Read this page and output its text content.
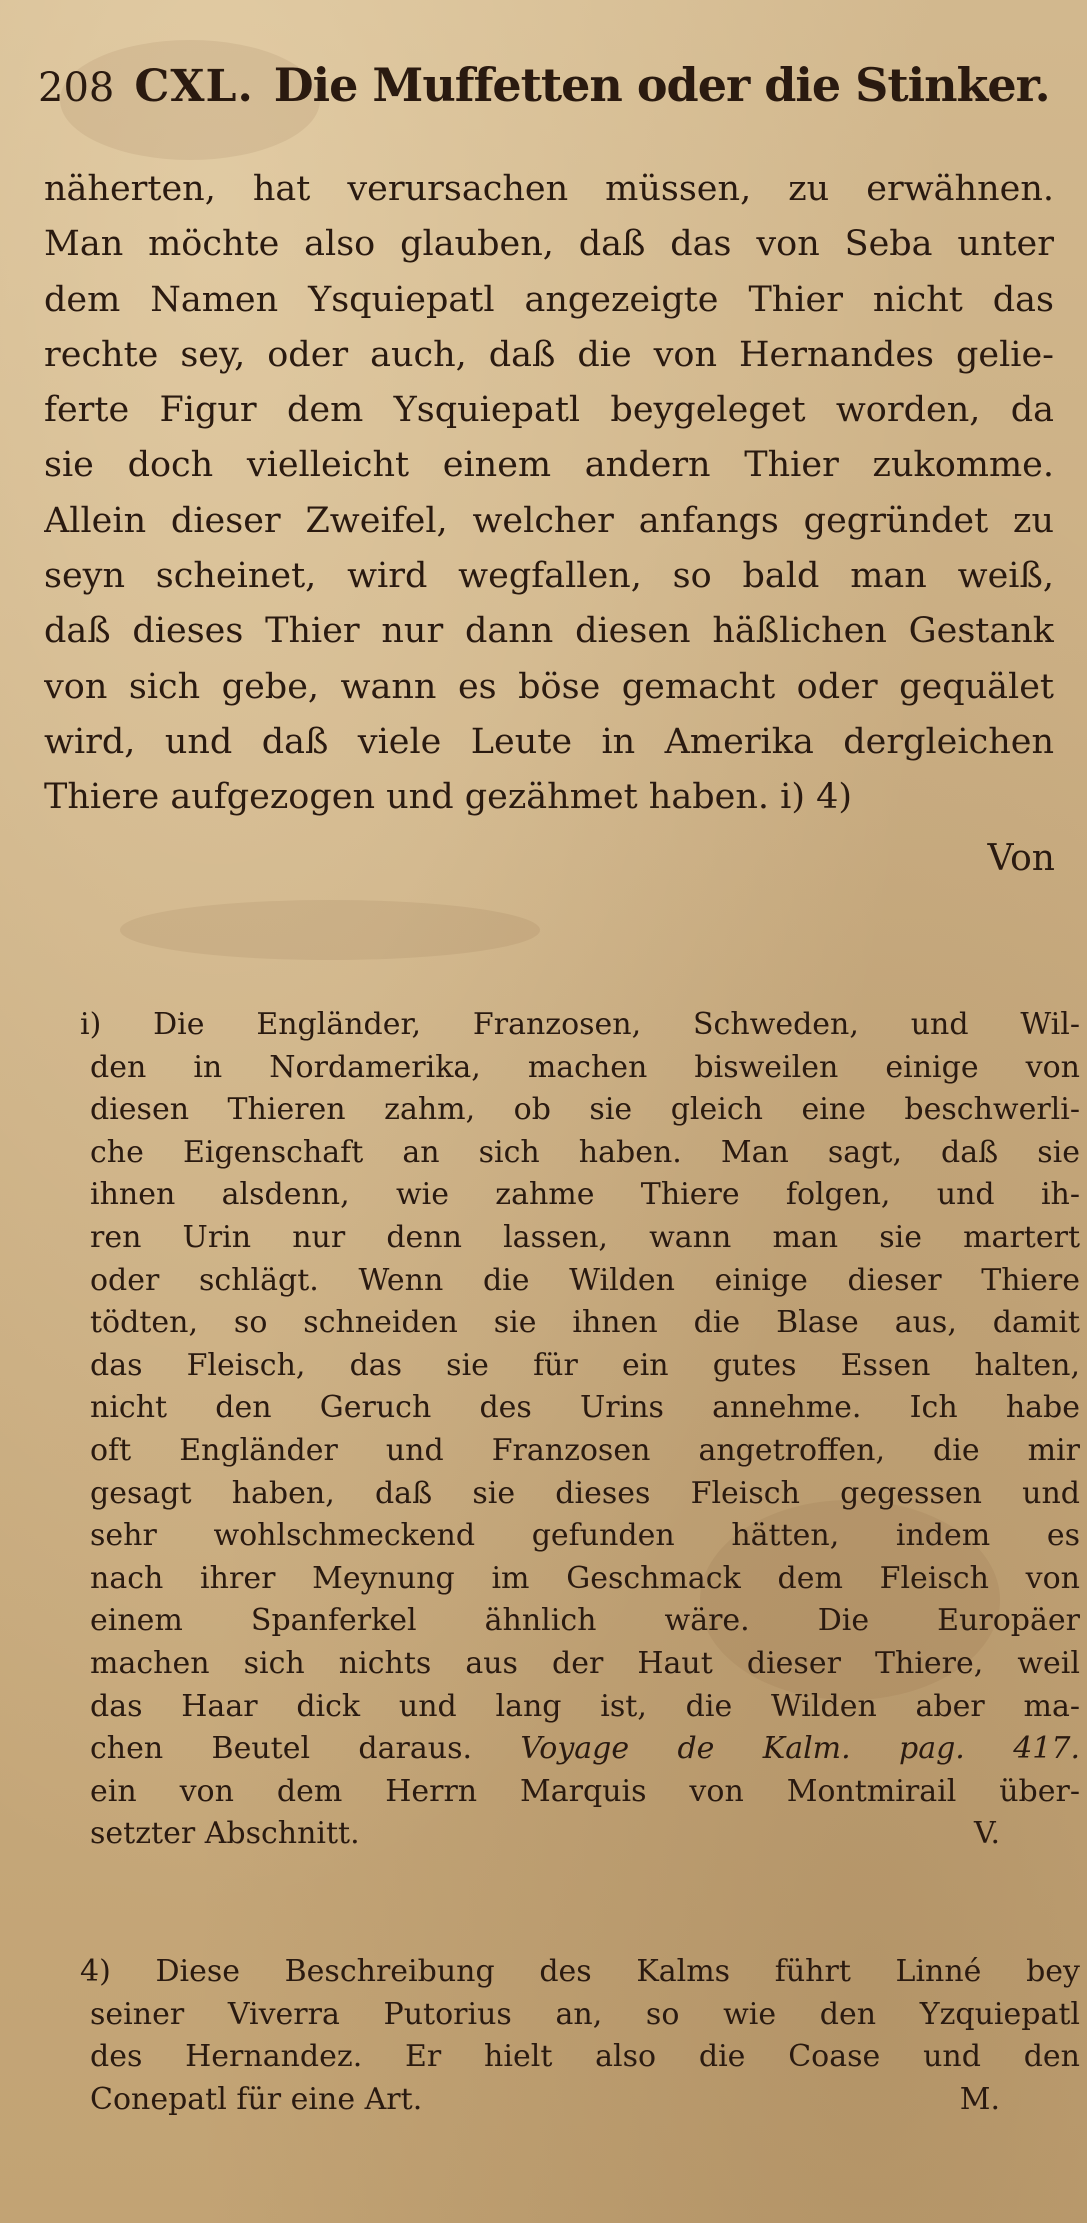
208 CXL. Die Muffetten oder die Stinker.
näherten, hat verursachen müssen, zu erwähnen.
Man möchte also glauben, daß das von Seba unter
dem Namen Ysquiepatl angezeigte Thier nicht das
rechte sey, oder auch, daß die von Hernandes gelie-
ferte Figur dem Ysquiepatl beygeleget worden, da
sie doch vielleicht einem andern Thier zukomme.
Allein dieser Zweifel, welcher anfangs gegründet zu
seyn scheinet, wird wegfallen, so bald man weiß,
daß dieses Thier nur dann diesen häßlichen Gestank
von sich gebe, wann es böse gemacht oder gequälet
wird, und daß viele Leute in Amerika dergleichen
Thiere aufgezogen und gezähmet haben. i) 4)
Von
i) Die Engländer, Franzosen, Schweden, und Wil-
den in Nordamerika, machen bisweilen einige von
diesen Thieren zahm, ob sie gleich eine beschwerli-
che Eigenschaft an sich haben. Man sagt, daß sie
ihnen alsdenn, wie zahme Thiere folgen, und ih-
ren Urin nur denn lassen, wann man sie martert
oder schlägt. Wenn die Wilden einige dieser Thiere
tödten, so schneiden sie ihnen die Blase aus, damit
das Fleisch, das sie für ein gutes Essen halten,
nicht den Geruch des Urins annehme. Ich habe
oft Engländer und Franzosen angetroffen, die mir
gesagt haben, daß sie dieses Fleisch gegessen und
sehr wohlschmeckend gefunden hätten, indem es
nach ihrer Meynung im Geschmack dem Fleisch von
einem Spanferkel ähnlich wäre. Die Europäer
machen sich nichts aus der Haut dieser Thiere, weil
das Haar dick und lang ist, die Wilden aber ma-
chen Beutel daraus. Voyage de Kalm. pag. 417.
ein von dem Herrn Marquis von Montmirail über-
setzter Abschnitt.	V.
4) Diese Beschreibung des Kalms führt Linné bey
seiner Viverra Putorius an, so wie den Yzquiepatl
des Hernandez. Er hielt also die Coase und den
Conepatl für eine Art.	M.
